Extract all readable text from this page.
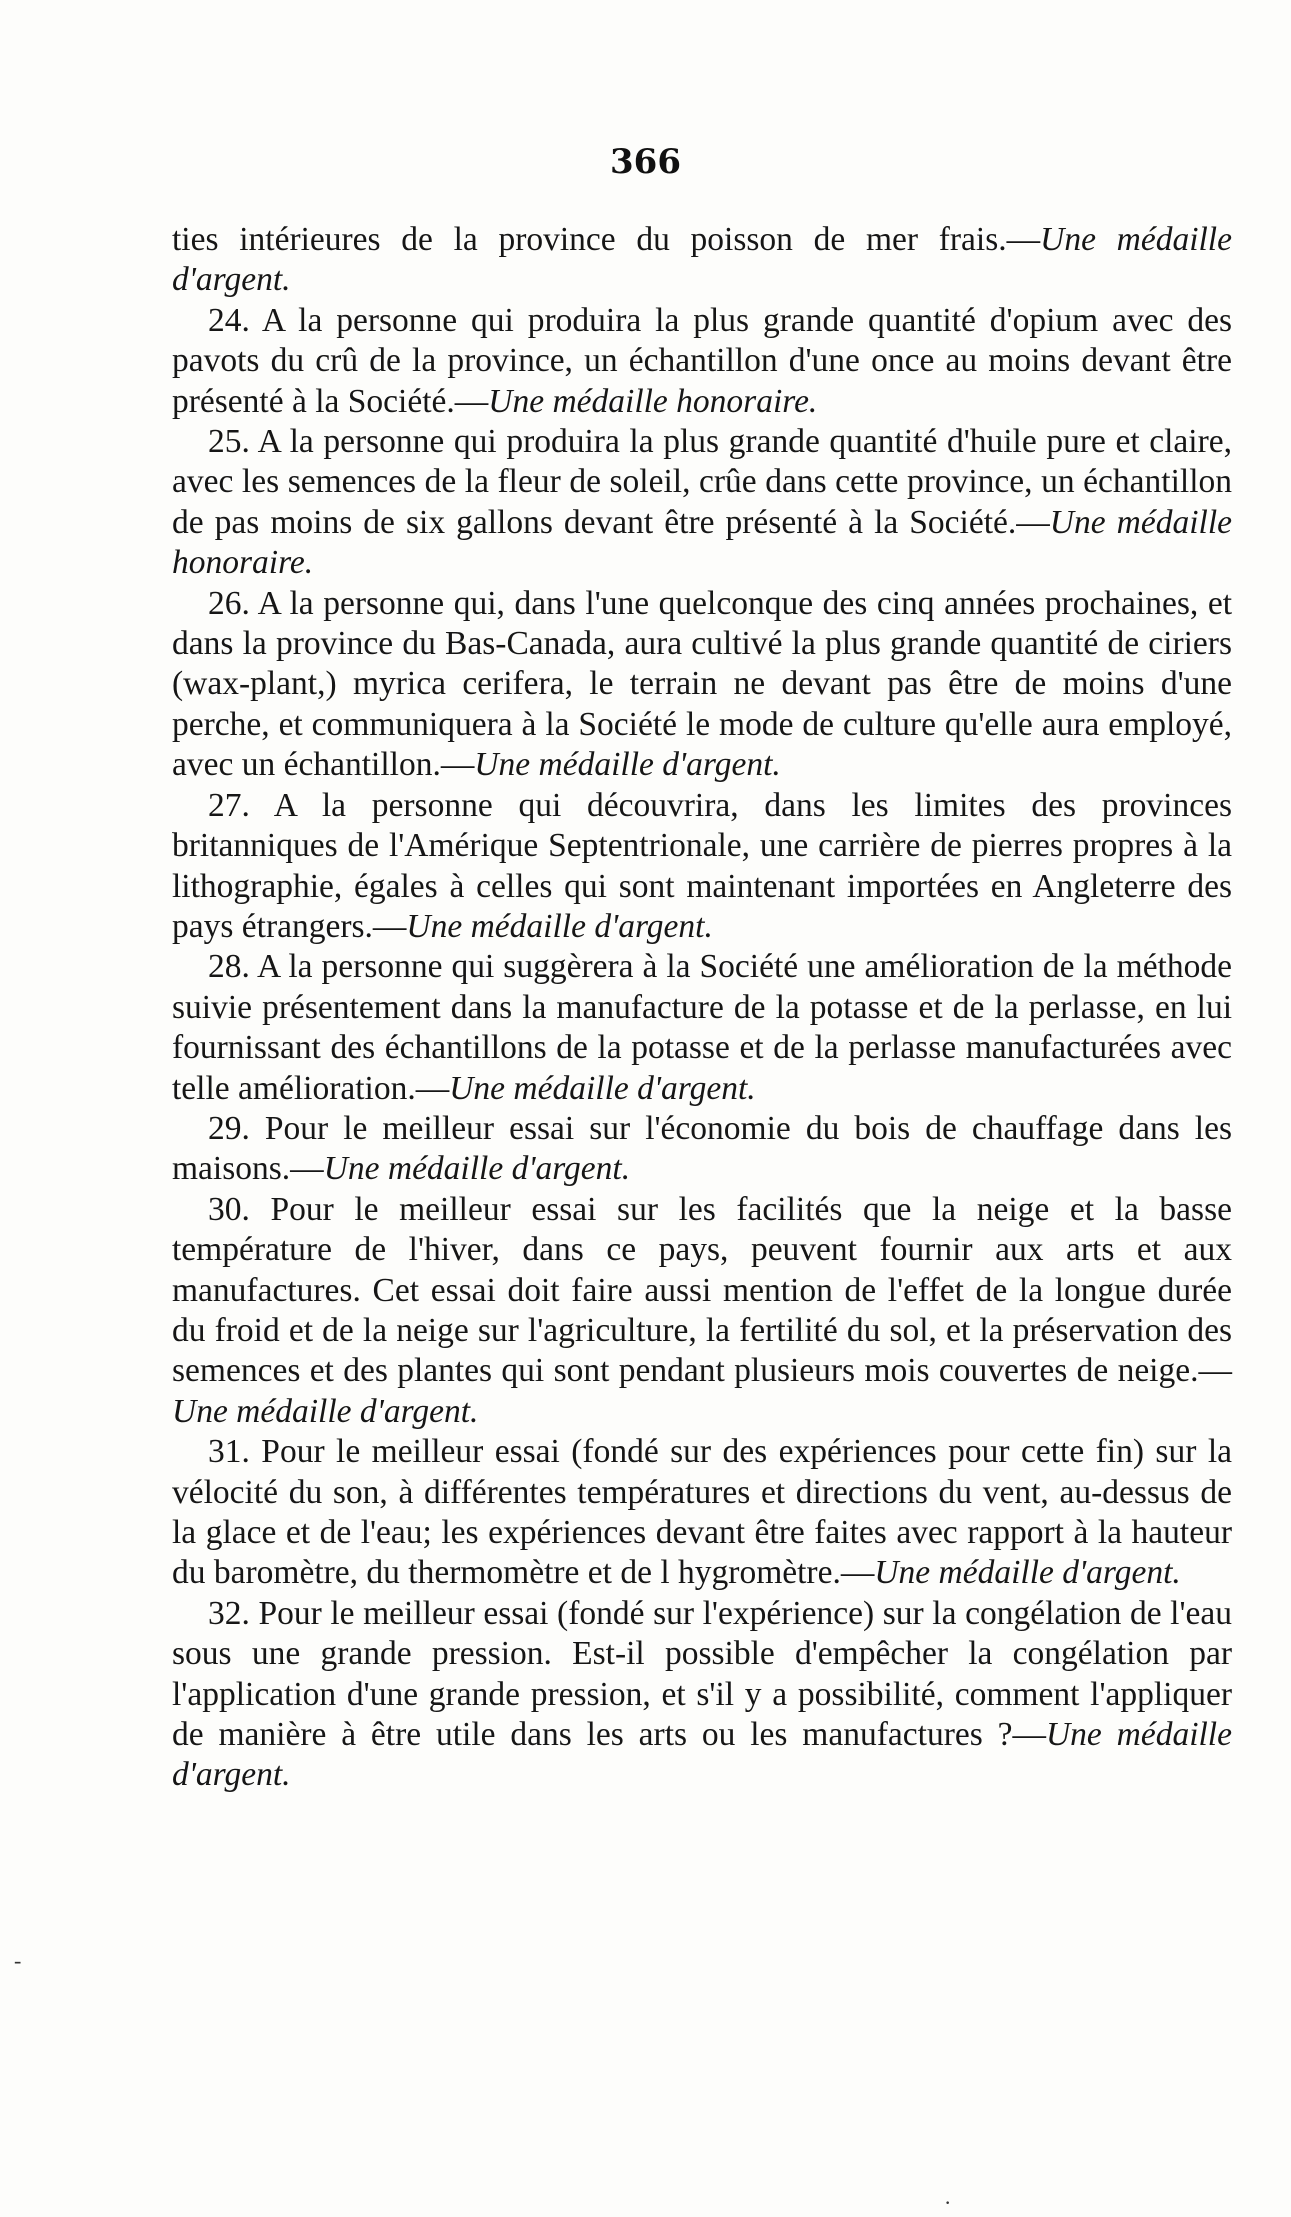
366

ties intérieures de la province du poisson de mer frais.—Une médaille d'argent.

24. A la personne qui produira la plus grande quantité d'opium avec des pavots du crû de la province, un échantillon d'une once au moins devant être présenté à la Société.—Une médaille honoraire.

25. A la personne qui produira la plus grande quantité d'huile pure et claire, avec les semences de la fleur de soleil, crûe dans cette province, un échantillon de pas moins de six gallons devant être présenté à la Société.—Une médaille honoraire.

26. A la personne qui, dans l'une quelconque des cinq années prochaines, et dans la province du Bas-Canada, aura cultivé la plus grande quantité de ciriers (wax-plant,) myrica cerifera, le terrain ne devant pas être de moins d'une perche, et communiquera à la Société le mode de culture qu'elle aura employé, avec un échantillon.—Une médaille d'argent.

27. A la personne qui découvrira, dans les limites des provinces britanniques de l'Amérique Septentrionale, une carrière de pierres propres à la lithographie, égales à celles qui sont maintenant importées en Angleterre des pays étrangers.—Une médaille d'argent.

28. A la personne qui suggèrera à la Société une amélioration de la méthode suivie présentement dans la manufacture de la potasse et de la perlasse, en lui fournissant des échantillons de la potasse et de la perlasse manufacturées avec telle amélioration.—Une médaille d'argent.

29. Pour le meilleur essai sur l'économie du bois de chauffage dans les maisons.—Une médaille d'argent.

30. Pour le meilleur essai sur les facilités que la neige et la basse température de l'hiver, dans ce pays, peuvent fournir aux arts et aux manufactures. Cet essai doit faire aussi mention de l'effet de la longue durée du froid et de la neige sur l'agriculture, la fertilité du sol, et la préservation des semences et des plantes qui sont pendant plusieurs mois couvertes de neige.—Une médaille d'argent.

31. Pour le meilleur essai (fondé sur des expériences pour cette fin) sur la vélocité du son, à différentes températures et directions du vent, au-dessus de la glace et de l'eau; les expériences devant être faites avec rapport à la hauteur du baromètre, du thermomètre et de l hygromètre.—Une médaille d'argent.

32. Pour le meilleur essai (fondé sur l'expérience) sur la congélation de l'eau sous une grande pression. Est-il possible d'empêcher la congélation par l'application d'une grande pression, et s'il y a possibilité, comment l'appliquer de manière à être utile dans les arts ou les manufactures ?—Une médaille d'argent.

-
·
